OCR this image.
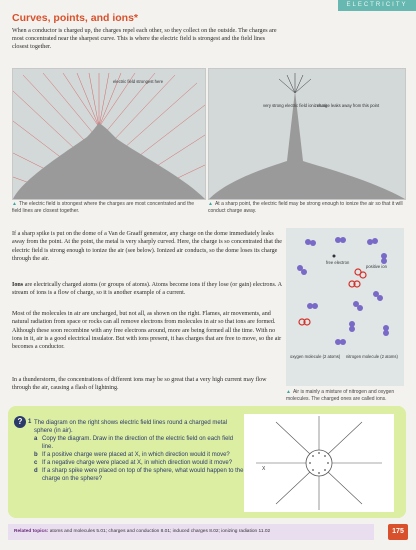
ELECTRICITY
Curves, points, and ions*
When a conductor is charged up, the charges repel each other, so they collect on the outside. The charges are most concentrated near the sharpest curve. This is where the electric field is strongest and the field lines closest together.
electric field strongest here
very strong electric field ionizes air
charge leaks away from this point
▲ The electric field is strongest where the charges are most concentrated and the field lines are closest together.
▲ At a sharp point, the electric field may be strong enough to ionize the air so that it will conduct charge away.
If a sharp spike is put on the dome of a Van de Graaff generator, any charge on the dome immediately leaks away from the point. At the point, the metal is very sharply curved. Here, the charge is so concentrated that the electric field is strong enough to ionize the air (see below). Ionized air conducts, so the dome loses its charge through the air.
Ions are electrically charged atoms (or groups of atoms). Atoms become ions if they lose (or gain) electrons. A stream of ions is a flow of charge, so it is another example of a current.
Most of the molecules in air are uncharged, but not all, as shown on the right. Flames, air movements, and natural radiation from space or rocks can all remove electrons from molecules in air so that ions are formed. Although these soon recombine with any free electrons around, more are being formed all the time. With no ions in it, air is a good electrical insulator. But with ions present, it has charges that are free to move, so the air becomes a conductor.
In a thunderstorm, the concentrations of different ions may be so great that a very high current may flow through the air, causing a flash of lightning.
free electron
positive ion
oxygen molecule (2 atoms) nitrogen molecule (2 atoms)
▲ Air is mainly a mixture of nitrogen and oxygen molecules. The charged ones are called ions.
? 1 The diagram on the right shows electric field lines round a charged metal sphere (in air).
a Copy the diagram. Draw in the direction of the electric field on each field line.
b If a positive charge were placed at X, in which direction would it move?
c If a negative charge were placed at X, in which direction would it move?
d If a sharp spike were placed on top of the sphere, what would happen to the charge on the sphere?
X
Related topics: atoms and molecules 5.01; charges and conduction 8.01; induced charges 8.02; ionizing radiation 11.02	175
